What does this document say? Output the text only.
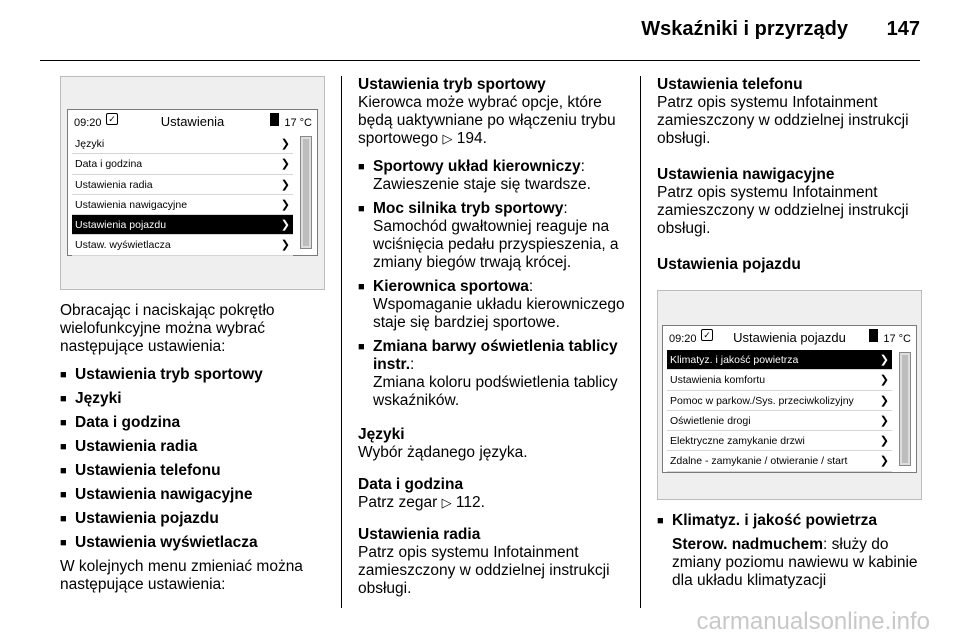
Wskaźniki i przyrządy 147
09:20 ✓	Ustawienia	17 °C
Języki	❯
Data i godzina	❯
Ustawienia radia	❯
Ustawienia nawigacyjne	❯
Ustawienia pojazdu	❯
Ustaw. wyświetlacza	❯
Obracając i naciskając pokrętło wielofunkcyjne można wybrać następujące ustawienia:
■ Ustawienia tryb sportowy
■ Języki
■ Data i godzina
■ Ustawienia radia
■ Ustawienia telefonu
■ Ustawienia nawigacyjne
■ Ustawienia pojazdu
■ Ustawienia wyświetlacza
W kolejnych menu zmieniać można następujące ustawienia:
Ustawienia tryb sportowy
Kierowca może wybrać opcje, które będą uaktywniane po włączeniu trybu sportowego ▷ 194.
■ Sportowy układ kierowniczy:
Zawieszenie staje się twardsze.
■ Moc silnika tryb sportowy:
Samochód gwałtowniej reaguje na wciśnięcia pedału przyspieszenia, a zmiany biegów trwają krócej.
■ Kierownica sportowa:
Wspomaganie układu kierowniczego staje się bardziej sportowe.
■ Zmiana barwy oświetlenia tablicy instr.:
Zmiana koloru podświetlenia tablicy wskaźników.
Języki
Wybór żądanego języka.
Data i godzina
Patrz zegar ▷ 112.
Ustawienia radia
Patrz opis systemu Infotainment zamieszczony w oddzielnej instrukcji obsługi.
Ustawienia telefonu
Patrz opis systemu Infotainment zamieszczony w oddzielnej instrukcji obsługi.
Ustawienia nawigacyjne
Patrz opis systemu Infotainment zamieszczony w oddzielnej instrukcji obsługi.
Ustawienia pojazdu
09:20 ✓	Ustawienia pojazdu	17 °C
Klimatyz. i jakość powietrza	❯
Ustawienia komfortu	❯
Pomoc w parkow./Sys. przeciwkolizyjny ❯
Oświetlenie drogi	❯
Elektryczne zamykanie drzwi	❯
Zdalne - zamykanie / otwieranie / start	❯
■ Klimatyz. i jakość powietrza
Sterow. nadmuchem: służy do zmiany poziomu nawiewu w kabinie dla układu klimatyzacji
carmanualsonline.info
